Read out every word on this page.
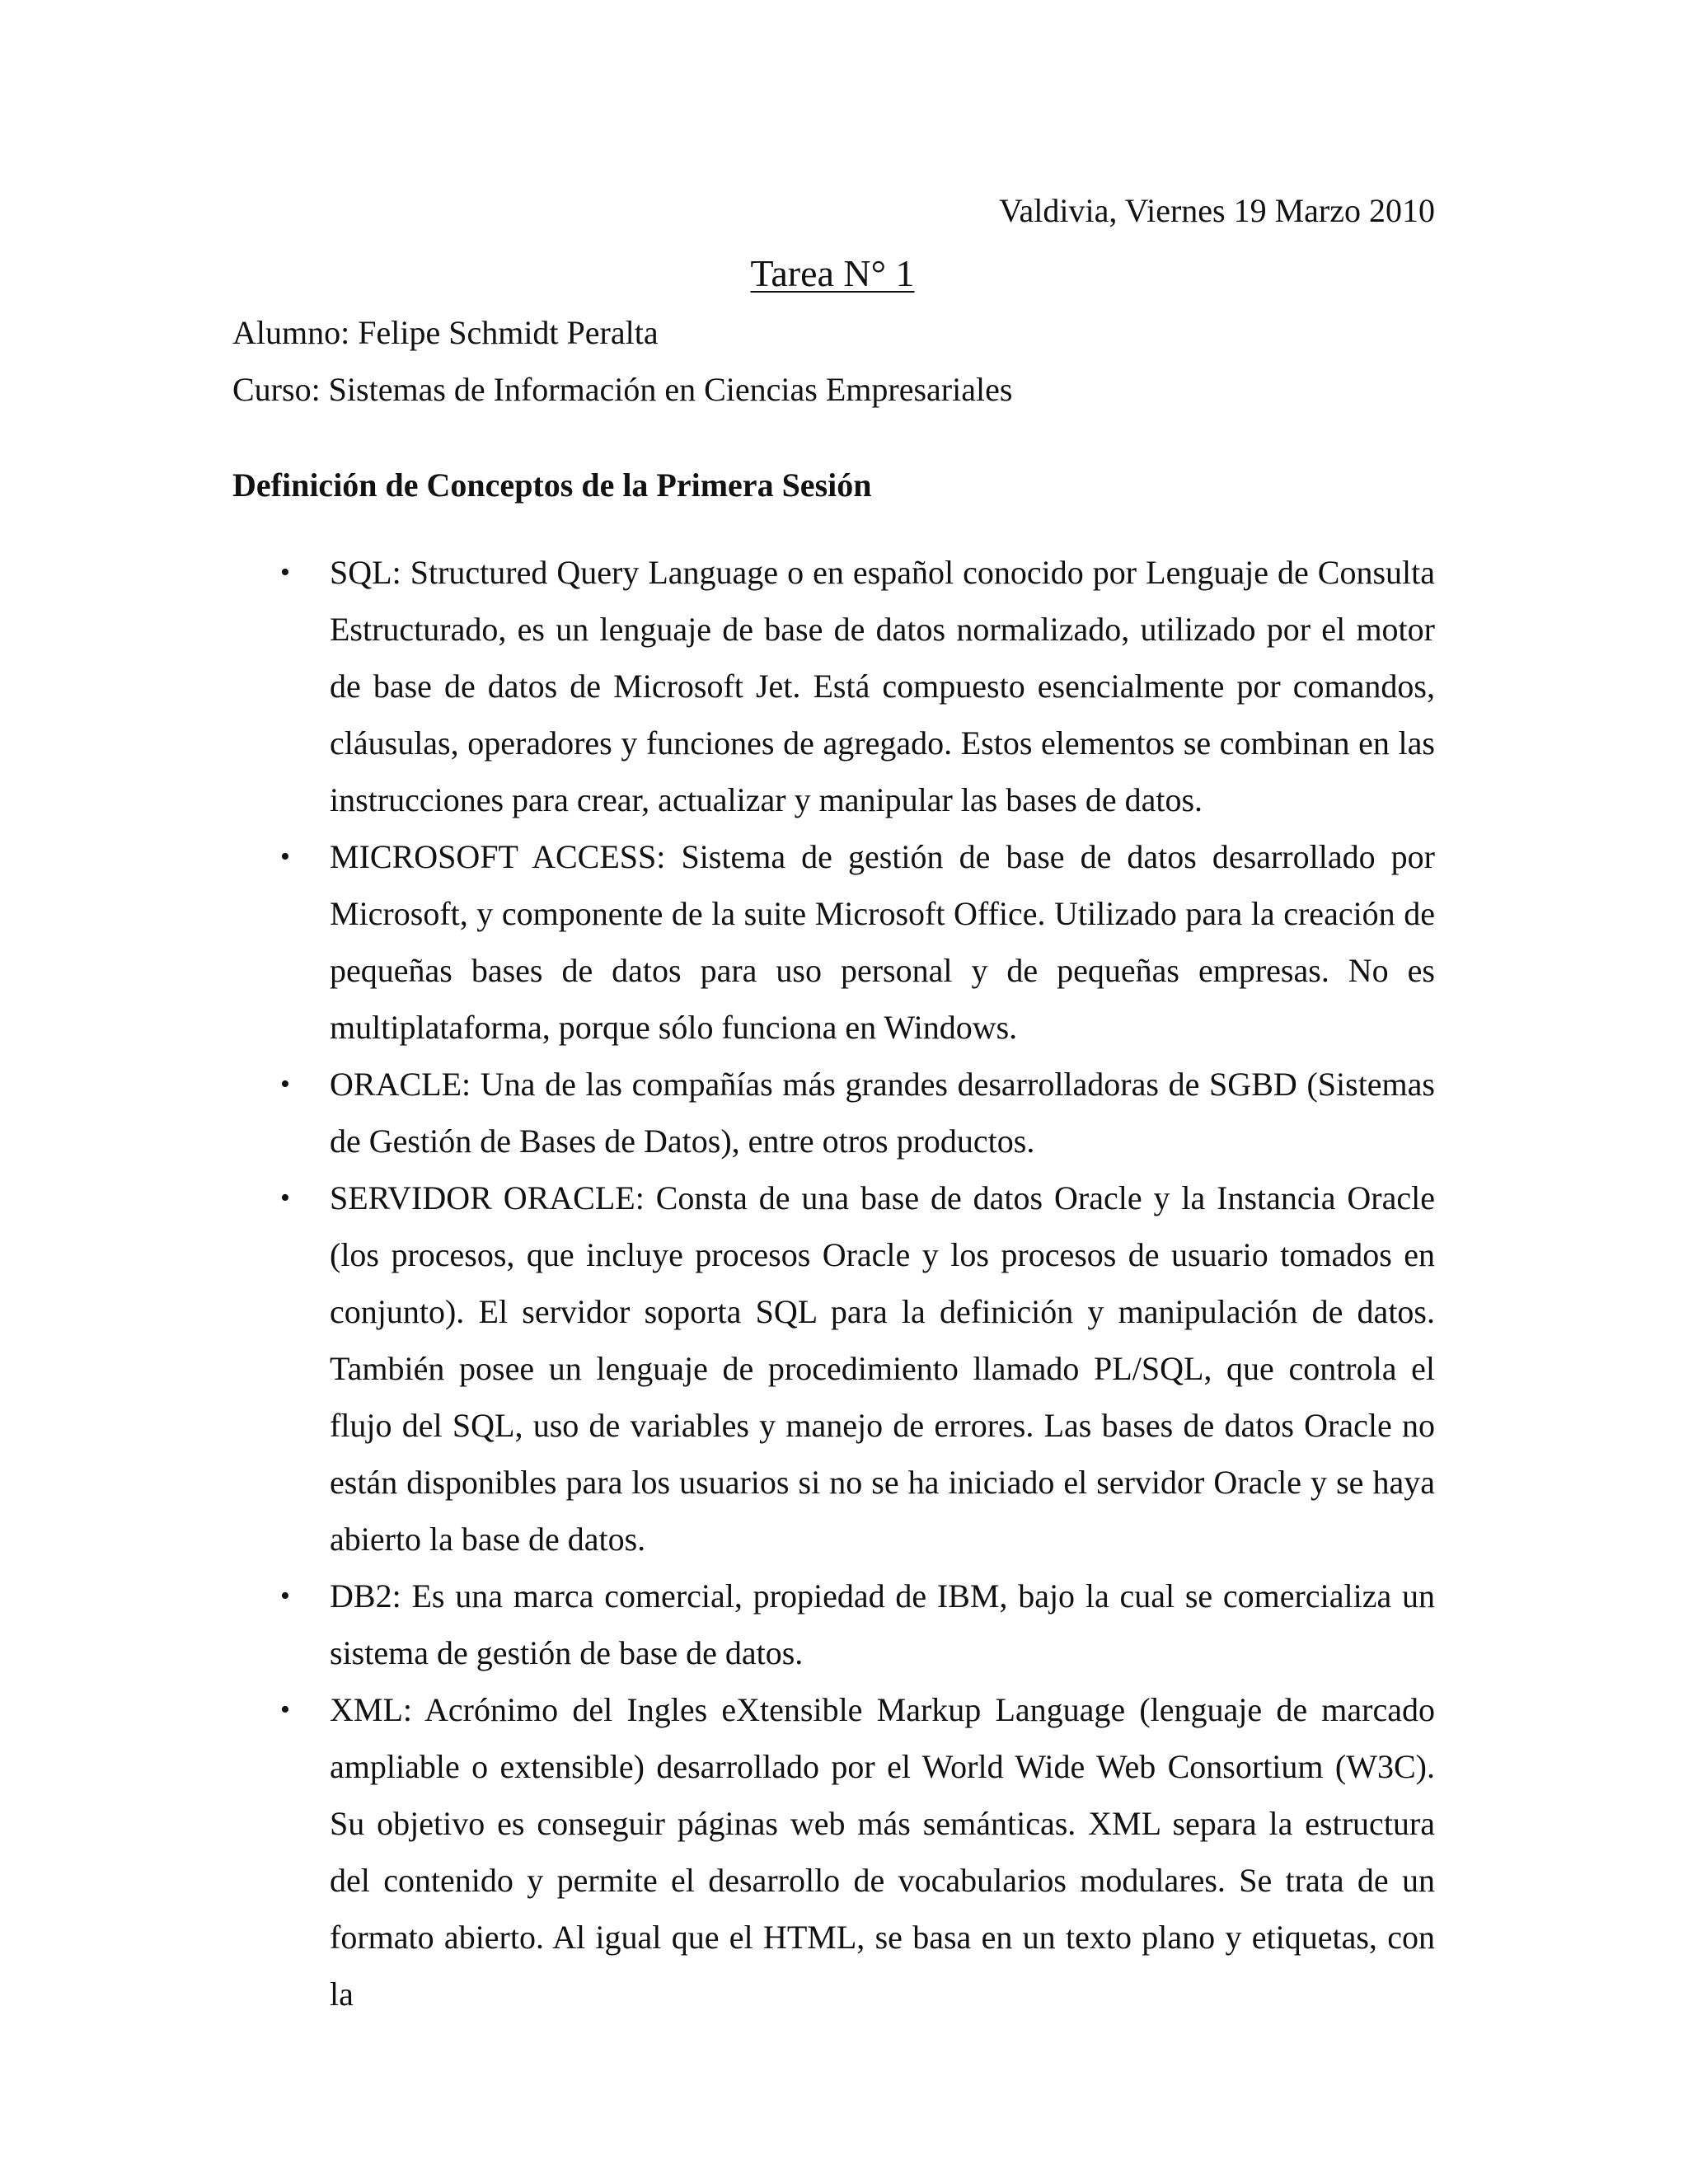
Valdivia, Viernes 19 Marzo 2010
Tarea N° 1
Alumno: Felipe Schmidt Peralta
Curso: Sistemas de Información en Ciencias Empresariales
Definición de Conceptos de la Primera Sesión
• SQL: Structured Query Language o en español conocido por Lenguaje de Consulta Estructurado, es un lenguaje de base de datos normalizado, utilizado por el motor de base de datos de Microsoft Jet. Está compuesto esencialmente por comandos, cláusulas, operadores y funciones de agregado. Estos elementos se combinan en las instrucciones para crear, actualizar y manipular las bases de datos.
• MICROSOFT ACCESS: Sistema de gestión de base de datos desarrollado por Microsoft, y componente de la suite Microsoft Office. Utilizado para la creación de pequeñas bases de datos para uso personal y de pequeñas empresas. No es multiplataforma, porque sólo funciona en Windows.
• ORACLE: Una de las compañías más grandes desarrolladoras de SGBD (Sistemas de Gestión de Bases de Datos), entre otros productos.
• SERVIDOR ORACLE: Consta de una base de datos Oracle y la Instancia Oracle (los procesos, que incluye procesos Oracle y los procesos de usuario tomados en conjunto). El servidor soporta SQL para la definición y manipulación de datos. También posee un lenguaje de procedimiento llamado PL/SQL, que controla el flujo del SQL, uso de variables y manejo de errores. Las bases de datos Oracle no están disponibles para los usuarios si no se ha iniciado el servidor Oracle y se haya abierto la base de datos.
• DB2: Es una marca comercial, propiedad de IBM, bajo la cual se comercializa un sistema de gestión de base de datos.
• XML: Acrónimo del Ingles eXtensible Markup Language (lenguaje de marcado ampliable o extensible) desarrollado por el World Wide Web Consortium (W3C). Su objetivo es conseguir páginas web más semánticas. XML separa la estructura del contenido y permite el desarrollo de vocabularios modulares. Se trata de un formato abierto. Al igual que el HTML, se basa en un texto plano y etiquetas, con la
